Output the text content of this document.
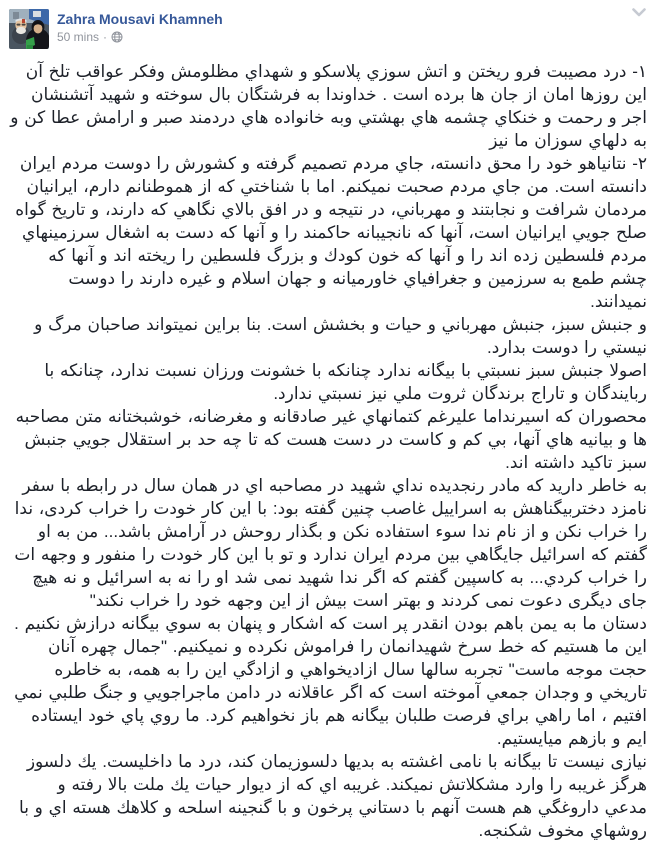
Zahra Mousavi Khamneh
50 mins ·

۱- درد مصيبت فرو ريختن و اتش سوزي پلاسکو و شهداي مظلومش وفکر عواقب تلخ آن اين روزها امان از جان ها برده است . خداوندا به فرشتگان بال سوخته و شهيد آتشنشان اجر و رحمت و خنکاي چشمه هاي بهشتي وبه خانواده هاي دردمند صبر و ارامش عطا کن و به دلهاي سوزان ما نيز

۲- نتانياهو خود را محق دانسته، جاي مردم تصميم گرفته و کشورش را دوست مردم ايران دانسته است. من جاي مردم صحبت نميکنم. اما با شناختي که از هموطنانم دارم، ايرانيان مردمان شرافت و نجابتند و مهرباني، در نتيجه و در افق بالاي نگاهي که دارند، و تاريخ گواه صلح جويي ايرانيان است، آنها که نانجيبانه حاکمند را و آنها که دست به اشغال سرزمينهاي مردم فلسطين زده اند را و آنها که خون کودك و بزرگ فلسطين را ريخته اند و آنها که چشم طمع به سرزمين و جغرافياي خاورميانه و جهان اسلام و غيره دارند را دوست نميدانند.

و جنبش سبز، جنبش مهرباني و حيات و بخشش است. بنا براين نميتواند صاحبان مرگ و نيستي را دوست بدارد.

اصولا جنبش سبز نسبتي با بيگانه ندارد چنانکه با خشونت ورزان نسبت ندارد، چنانکه با ربايندگان و تاراج برندگان ثروت ملي نيز نسبتي ندارد.

محصوران که اسيرنداما عليرغم کتمانهاي غير صادقانه و مغرضانه، خوشبختانه متن مصاحبه ها و بيانيه هاي آنها، بي کم و کاست در دست هست که تا چه حد بر استقلال جويي جنبش سبز تاکيد داشته اند.

به خاطر داريد که مادر رنجديده نداي شهيد در مصاحبه اي در همان سال در رابطه با سفر نامزد دختربيگناهش به اسراييل غاصب چنين گفته بود: با اين کار خودت را خراب کردی، ندا را خراب نکن و از نام ندا سوء استفاده نکن و بگذار روحش در آرامش باشد... من به او گفتم که اسرائيل جايگاهي بين مردم ايران ندارد و تو با اين کار خودت را منفور و وجهه ات را خراب کردي... به کاسپين گفتم که اگر ندا شهيد نمی شد او را نه به اسرائيل و نه هيچ جای ديگری دعوت نمی کردند و بهتر است بيش از اين وجهه خود را خراب نکند"

دستان ما به يمن باهم بودن انقدر پر است که اشکار و پنهان به سوي بيگانه درازش نکنيم . اين ما هستيم که خط سرخ شهيدانمان را فراموش نکرده و نميکنيم. "جمال چهره آنان حجت موجه ماست" تجربه سالها سال ازاديخواهي و ازادگي اين را به همه، به خاطره تاريخي و وجدان جمعي آموخته است که اگر عاقلانه در دامن ماجراجويي و جنگ طلبي نمي افتيم ، اما راهي براي فرصت طلبان بيگانه هم باز نخواهيم کرد. ما روي پاي خود ايستاده ايم و بازهم ميايستيم.

نيازی نيست تا بيگانه با نامی اغشته به بديها دلسوزيمان کند، درد ما داخليست. يك دلسوز هرگز غريبه را وارد مشکلاتش نميکند. غريبه اي که از ديوار حيات يك ملت بالا رفته و مدعي داروغگي هم هست آنهم با دستاني پرخون و با گنجينه اسلحه و کلاهك هسته اي و با روشهاي مخوف شکنجه.
